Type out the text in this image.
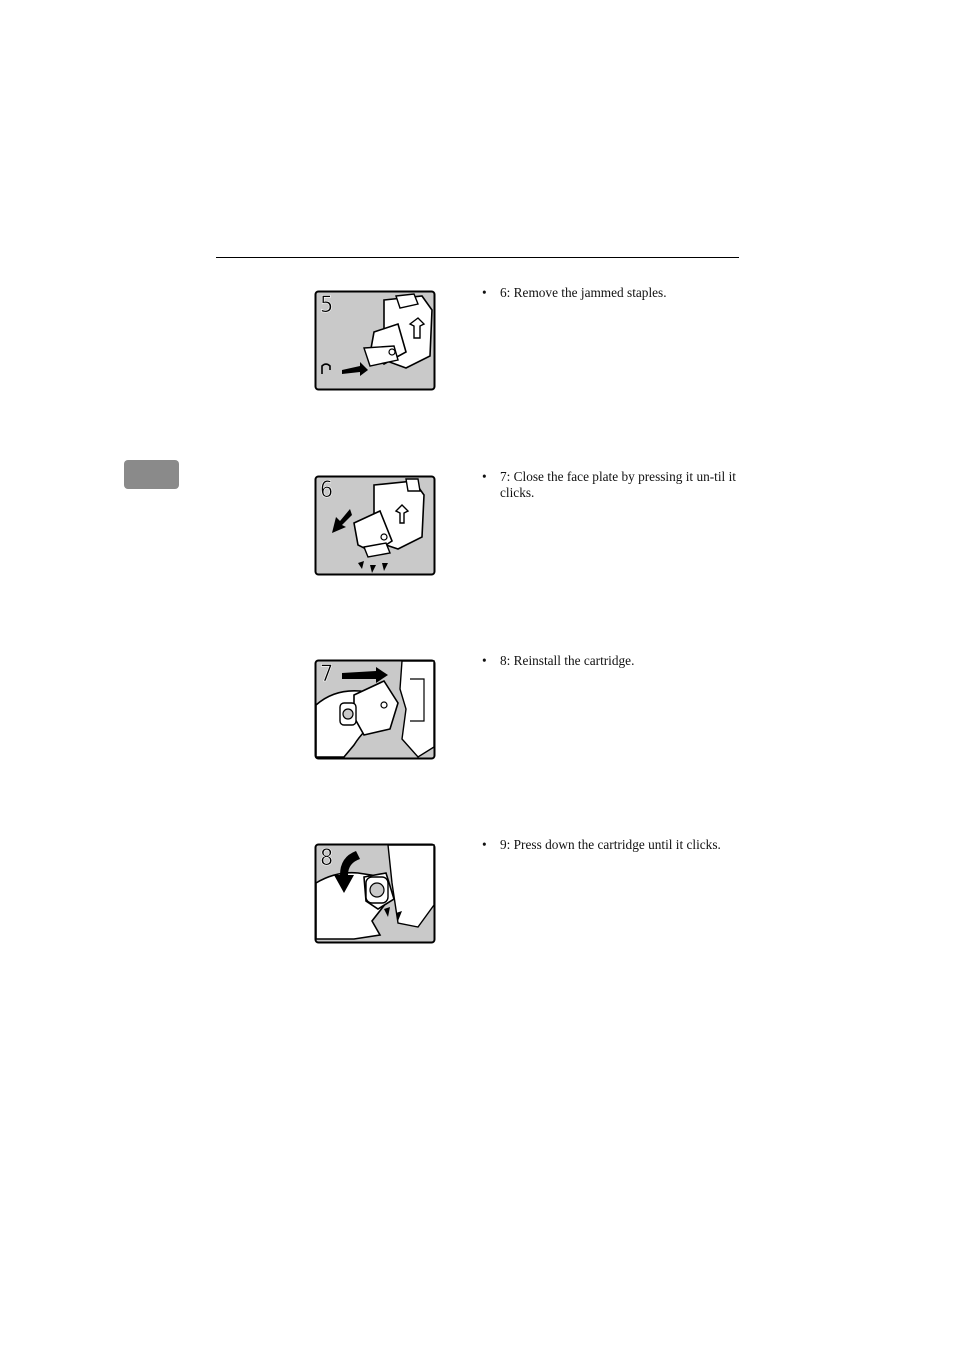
5
• 6: Remove the jammed staples.
6
• 7: Close the face plate by pressing it un-til it clicks.
7
• 8: Reinstall the cartridge.
8
• 9: Press down the cartridge until it clicks.
